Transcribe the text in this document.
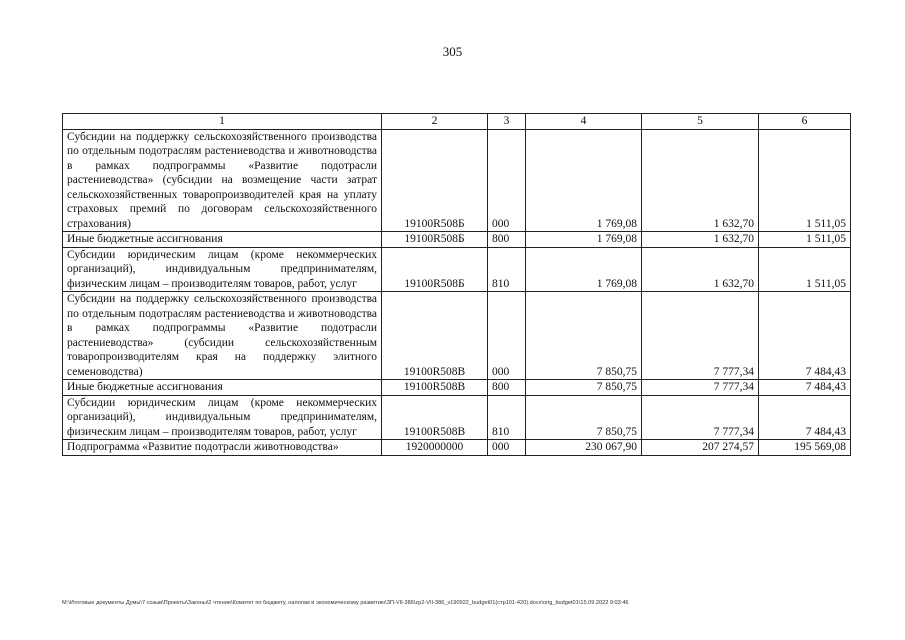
305
1	2	3	4	5	6
Субсидии на поддержку сельскохозяйственного производства по отдельным подотраслям растениеводства и животноводства в рамках подпрограммы «Развитие подотрасли растениеводства» (субсидии на возмещение части затрат сельскохозяйственных товаропроизводителей края на уплату страховых премий по договорам сельскохозяйственного страхования)	19100R508Б	000	1 769,08	1 632,70	1 511,05
Иные бюджетные ассигнования	19100R508Б	800	1 769,08	1 632,70	1 511,05
Субсидии юридическим лицам (кроме некоммерческих организаций), индивидуальным предпринимателям, физическим лицам – производителям товаров, работ, услуг	19100R508Б	810	1 769,08	1 632,70	1 511,05
Субсидии на поддержку сельскохозяйственного производства по отдельным подотраслям растениеводства и животноводства в рамках подпрограммы «Развитие подотрасли растениеводства» (субсидии сельскохозяйственным товаропроизводителям края на поддержку элитного семеноводства)	19100R508В	000	7 850,75	7 777,34	7 484,43
Иные бюджетные ассигнования	19100R508В	800	7 850,75	7 777,34	7 484,43
Субсидии юридическим лицам (кроме некоммерческих организаций), индивидуальным предпринимателям, физическим лицам – производителям товаров, работ, услуг	19100R508В	810	7 850,75	7 777,34	7 484,43
Подпрограмма «Развитие подотрасли животноводства»	1920000000	000	230 067,90	207 274,57	195 569,08
M:\Итоговые документы Думы\7 созыв\Проекты\Законы\2 чтение\Комитет по бюджету, налогам и экономическому развитию\ЗП-VII-386\zp2-VII-386_v190922_budget01(стр101-420).docx\orig_budget01\15.09.2022 9:03:46
